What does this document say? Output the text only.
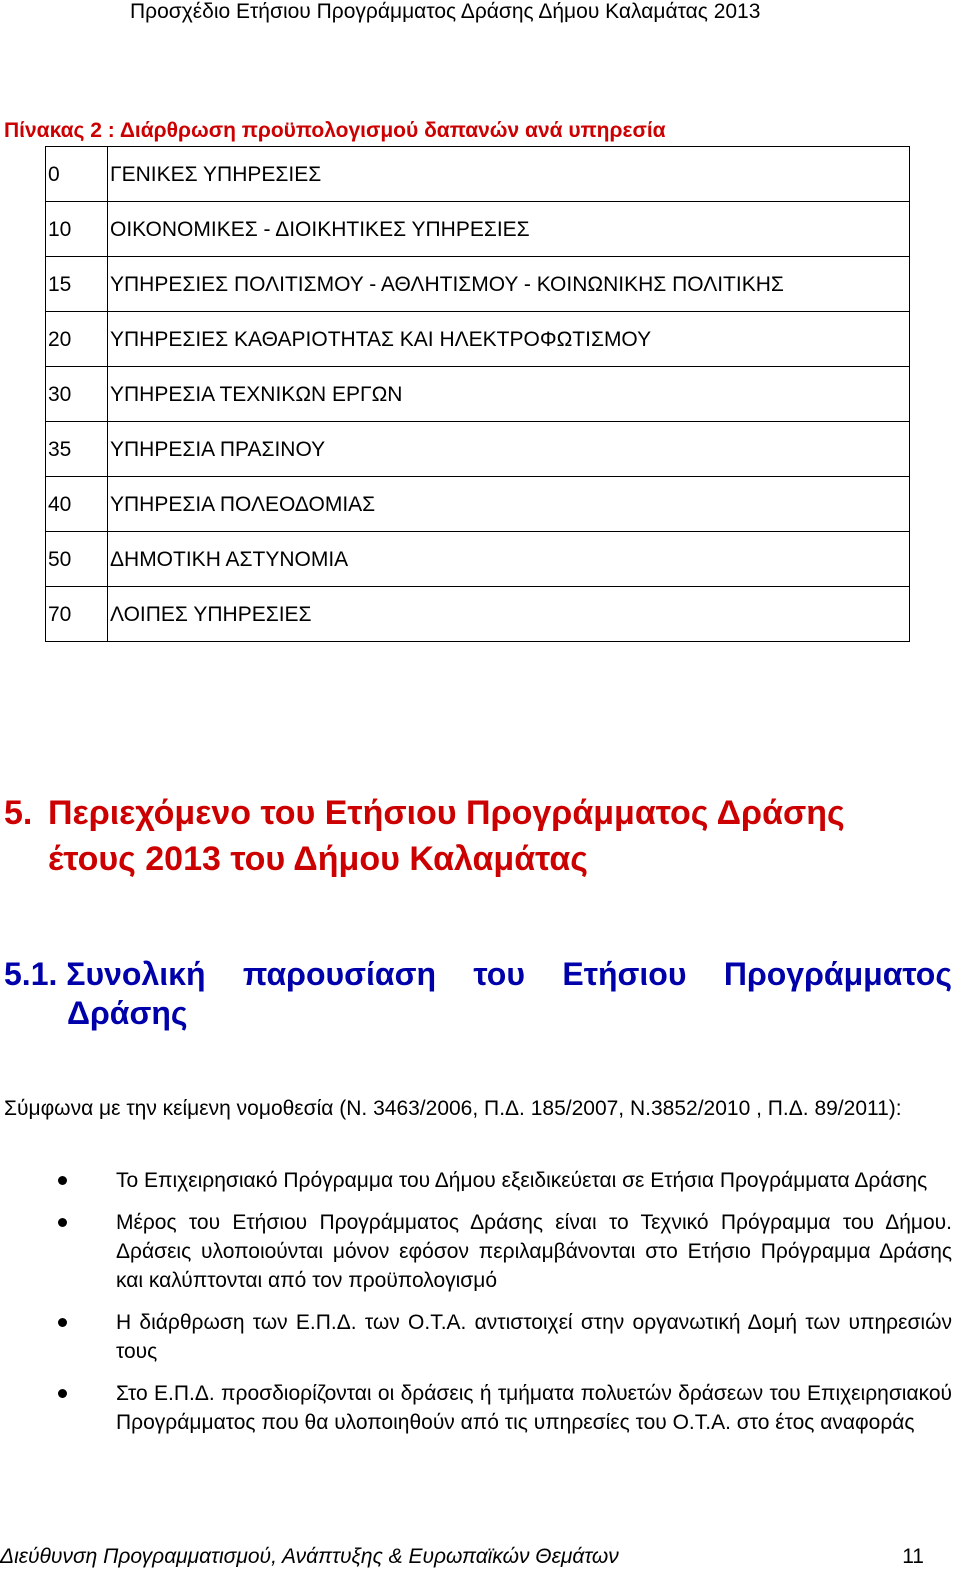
Προσχέδιο Ετήσιου Προγράμματος Δράσης Δήμου Καλαμάτας 2013
Πίνακας 2 : Διάρθρωση προϋπολογισμού δαπανών ανά υπηρεσία
0	ΓΕΝΙΚΕΣ ΥΠΗΡΕΣΙΕΣ
10	ΟΙΚΟΝΟΜΙΚΕΣ - ΔΙΟΙΚΗΤΙΚΕΣ ΥΠΗΡΕΣΙΕΣ
15	ΥΠΗΡΕΣΙΕΣ ΠΟΛΙΤΙΣΜΟΥ - ΑΘΛΗΤΙΣΜΟΥ - ΚΟΙΝΩΝΙΚΗΣ ΠΟΛΙΤΙΚΗΣ
20	ΥΠΗΡΕΣΙΕΣ ΚΑΘΑΡΙΟΤΗΤΑΣ ΚΑΙ ΗΛΕΚΤΡΟΦΩΤΙΣΜΟΥ
30	ΥΠΗΡΕΣΙΑ ΤΕΧΝΙΚΩΝ ΕΡΓΩΝ
35	ΥΠΗΡΕΣΙΑ ΠΡΑΣΙΝΟΥ
40	ΥΠΗΡΕΣΙΑ ΠΟΛΕΟΔΟΜΙΑΣ
50	ΔΗΜΟΤΙΚΗ ΑΣΤΥΝΟΜΙΑ
70	ΛΟΙΠΕΣ ΥΠΗΡΕΣΙΕΣ
5. Περιεχόμενο του Ετήσιου Προγράμματος Δράσης
έτους 2013 του Δήμου Καλαμάτας
5.1. Συνολική παρουσίαση του Ετήσιου Προγράμματος
Δράσης
Σύμφωνα με την κείμενη νομοθεσία (Ν. 3463/2006, Π.Δ. 185/2007, Ν.3852/2010 , Π.Δ. 89/2011):
Το Επιχειρησιακό Πρόγραμμα του Δήμου εξειδικεύεται σε Ετήσια Προγράμματα Δράσης
Μέρος του Ετήσιου Προγράμματος Δράσης είναι το Τεχνικό Πρόγραμμα του Δήμου. Δράσεις υλοποιούνται μόνον εφόσον περιλαμβάνονται στο Ετήσιο Πρόγραμμα Δράσης και καλύπτονται από τον προϋπολογισμό
Η διάρθρωση των Ε.Π.Δ. των Ο.Τ.Α. αντιστοιχεί στην οργανωτική Δομή των υπηρεσιών τους
Στο Ε.Π.Δ. προσδιορίζονται οι δράσεις ή τμήματα πολυετών δράσεων του Επιχειρησιακού Προγράμματος που θα υλοποιηθούν από τις υπηρεσίες του Ο.Τ.Α. στο έτος αναφοράς
Διεύθυνση Προγραμματισμού, Ανάπτυξης & Ευρωπαϊκών Θεμάτων	11
